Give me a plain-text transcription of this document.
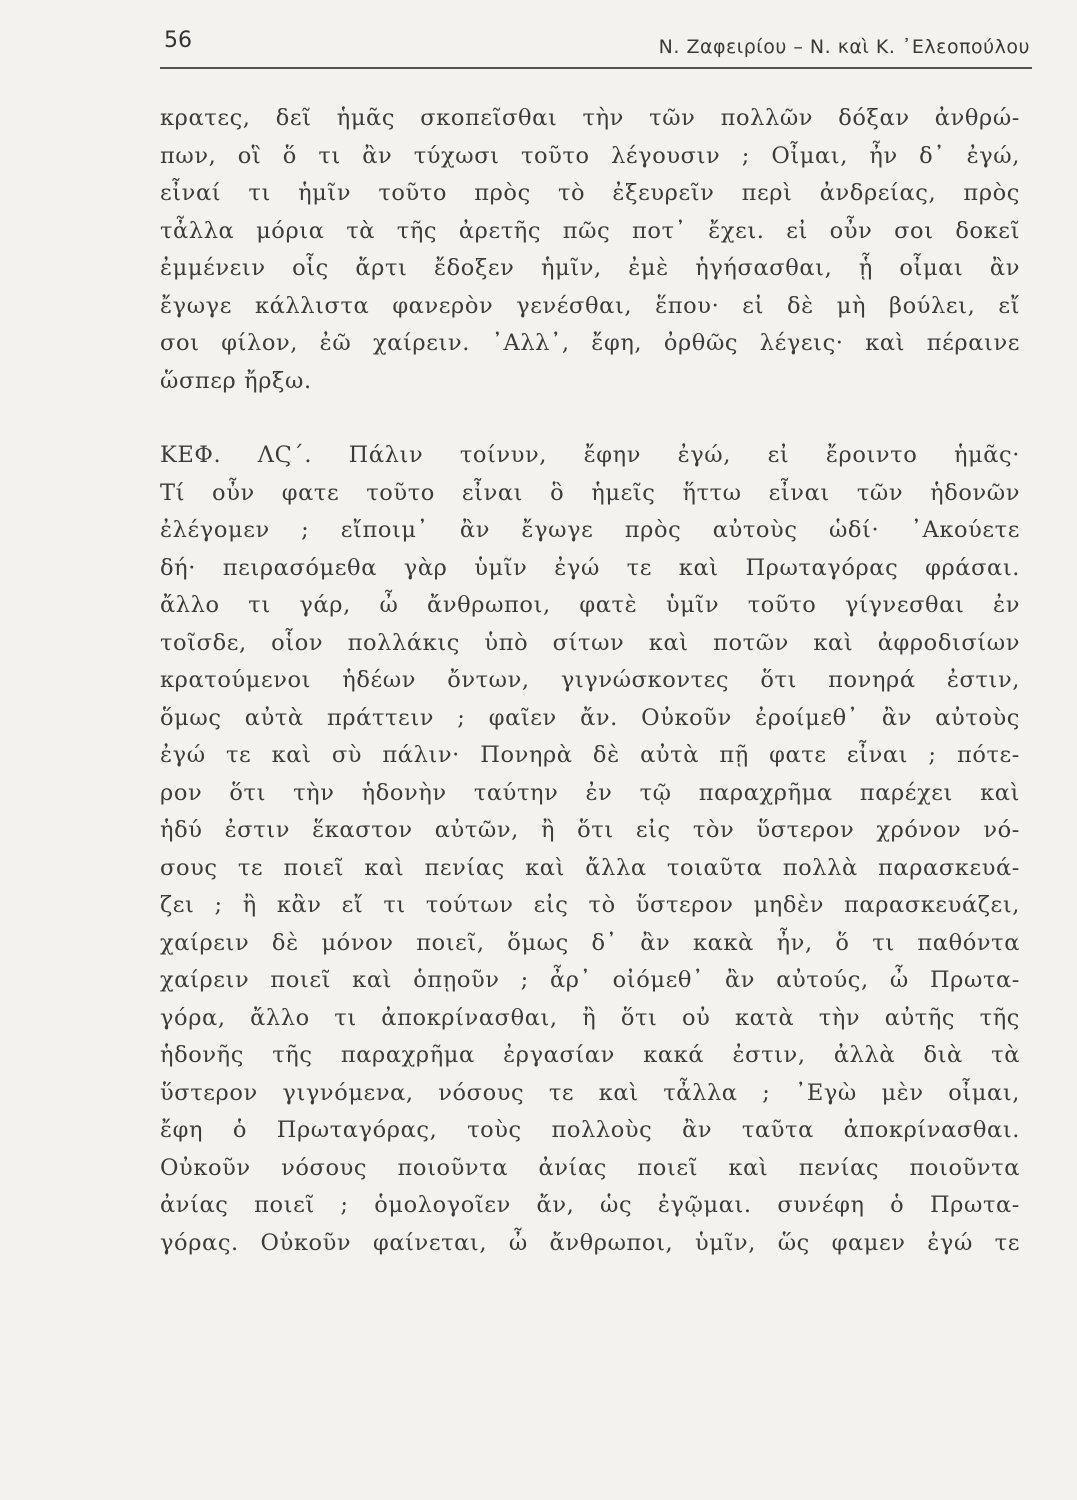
56	Ν. Ζαφειρίου – Ν. καὶ Κ. ᾿Ελεοπούλου
κρατες, δεῖ ἡμᾶς σκοπεῖσθαι τὴν τῶν πολλῶν δόξαν ἀνθρώ-
πων, οἳ ὅ τι ἂν τύχωσι τοῦτο λέγουσιν ; Οἶμαι, ἦν δ᾿ ἐγώ,
εἶναί τι ἡμῖν τοῦτο πρὸς τὸ ἐξευρεῖν περὶ ἀνδρείας, πρὸς
τἆλλα μόρια τὰ τῆς ἀρετῆς πῶς ποτ᾿ ἔχει. εἰ οὖν σοι δοκεῖ
ἐμμένειν οἷς ἄρτι ἔδοξεν ἡμῖν, ἐμὲ ἡγήσασθαι, ᾗ οἶμαι ἂν
ἔγωγε κάλλιστα φανερὸν γενέσθαι, ἕπου· εἰ δὲ μὴ βούλει, εἴ
σοι φίλον, ἐῶ χαίρειν. ᾿Αλλ᾿, ἔφη, ὀρθῶς λέγεις· καὶ πέραινε
ὥσπερ ἤρξω.
ΚΕΦ. ΛϚ΄. Πάλιν τοίνυν, ἔφην ἐγώ, εἰ ἔροιντο ἡμᾶς·
Τί οὖν φατε τοῦτο εἶναι ὃ ἡμεῖς ἥττω εἶναι τῶν ἡδονῶν
ἐλέγομεν ; εἴποιμ᾿ ἂν ἔγωγε πρὸς αὐτοὺς ὡδί· ᾿Ακούετε
δή· πειρασόμεθα γὰρ ὑμῖν ἐγώ τε καὶ Πρωταγόρας φράσαι.
ἄλλο τι γάρ, ὦ ἄνθρωποι, φατὲ ὑμῖν τοῦτο γίγνεσθαι ἐν
τοῖσδε, οἷον πολλάκις ὑπὸ σίτων καὶ ποτῶν καὶ ἀφροδισίων
κρατούμενοι ἡδέων ὄντων, γιγνώσκοντες ὅτι πονηρά ἐστιν,
ὅμως αὐτὰ πράττειν ; φαῖεν ἄν. Οὐκοῦν ἐροίμεθ᾿ ἂν αὐτοὺς
ἐγώ τε καὶ σὺ πάλιν· Πονηρὰ δὲ αὐτὰ πῇ φατε εἶναι ; πότε-
ρον ὅτι τὴν ἡδονὴν ταύτην ἐν τῷ παραχρῆμα παρέχει καὶ
ἡδύ ἐστιν ἕκαστον αὐτῶν, ἢ ὅτι εἰς τὸν ὕστερον χρόνον νό-
σους τε ποιεῖ καὶ πενίας καὶ ἄλλα τοιαῦτα πολλὰ παρασκευά-
ζει ; ἢ κἂν εἴ τι τούτων εἰς τὸ ὕστερον μηδὲν παρασκευάζει,
χαίρειν δὲ μόνον ποιεῖ, ὅμως δ᾿ ἂν κακὰ ἦν, ὅ τι παθόντα
χαίρειν ποιεῖ καὶ ὁπῃοῦν ; ἆρ᾿ οἰόμεθ᾿ ἂν αὐτούς, ὦ Πρωτα-
γόρα, ἄλλο τι ἀποκρίνασθαι, ἢ ὅτι οὐ κατὰ τὴν αὐτῆς τῆς
ἡδονῆς τῆς παραχρῆμα ἐργασίαν κακά ἐστιν, ἀλλὰ διὰ τὰ
ὕστερον γιγνόμενα, νόσους τε καὶ τἆλλα ; ᾿Εγὼ μὲν οἶμαι,
ἔφη ὁ Πρωταγόρας, τοὺς πολλοὺς ἂν ταῦτα ἀποκρίνασθαι.
Οὐκοῦν νόσους ποιοῦντα ἀνίας ποιεῖ καὶ πενίας ποιοῦντα
ἀνίας ποιεῖ ; ὁμολογοῖεν ἄν, ὡς ἐγῷμαι. συνέφη ὁ Πρωτα-
γόρας. Οὐκοῦν φαίνεται, ὦ ἄνθρωποι, ὑμῖν, ὥς φαμεν ἐγώ τε
